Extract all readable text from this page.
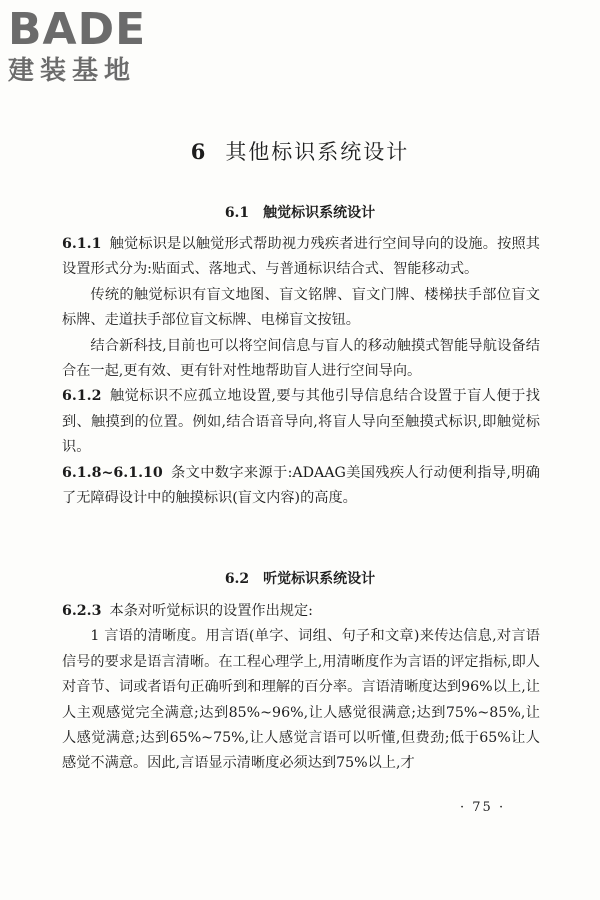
BADE
建装基地
6 其他标识系统设计
6.1 触觉标识系统设计

6.1.1 触觉标识是以触觉形式帮助视力残疾者进行空间导向的设施。按照其设置形式分为:贴面式、落地式、与普通标识结合式、智能移动式。

传统的触觉标识有盲文地图、盲文铭牌、盲文门牌、楼梯扶手部位盲文标牌、走道扶手部位盲文标牌、电梯盲文按钮。

结合新科技,目前也可以将空间信息与盲人的移动触摸式智能导航设备结合在一起,更有效、更有针对性地帮助盲人进行空间导向。

6.1.2 触觉标识不应孤立地设置,要与其他引导信息结合设置于盲人便于找到、触摸到的位置。例如,结合语音导向,将盲人导向至触摸式标识,即触觉标识。

6.1.8~6.1.10 条文中数字来源于:ADAAG美国残疾人行动便利指导,明确了无障碍设计中的触摸标识(盲文内容)的高度。

6.2 听觉标识系统设计

6.2.3 本条对听觉标识的设置作出规定:

1 言语的清晰度。用言语(单字、词组、句子和文章)来传达信息,对言语信号的要求是语言清晰。在工程心理学上,用清晰度作为言语的评定指标,即人对音节、词或者语句正确听到和理解的百分率。言语清晰度达到96%以上,让人主观感觉完全满意;达到85%~96%,让人感觉很满意;达到75%~85%,让人感觉满意;达到65%~75%,让人感觉言语可以听懂,但费劲;低于65%让人感觉不满意。因此,言语显示清晰度必须达到75%以上,才

· 75 ·
